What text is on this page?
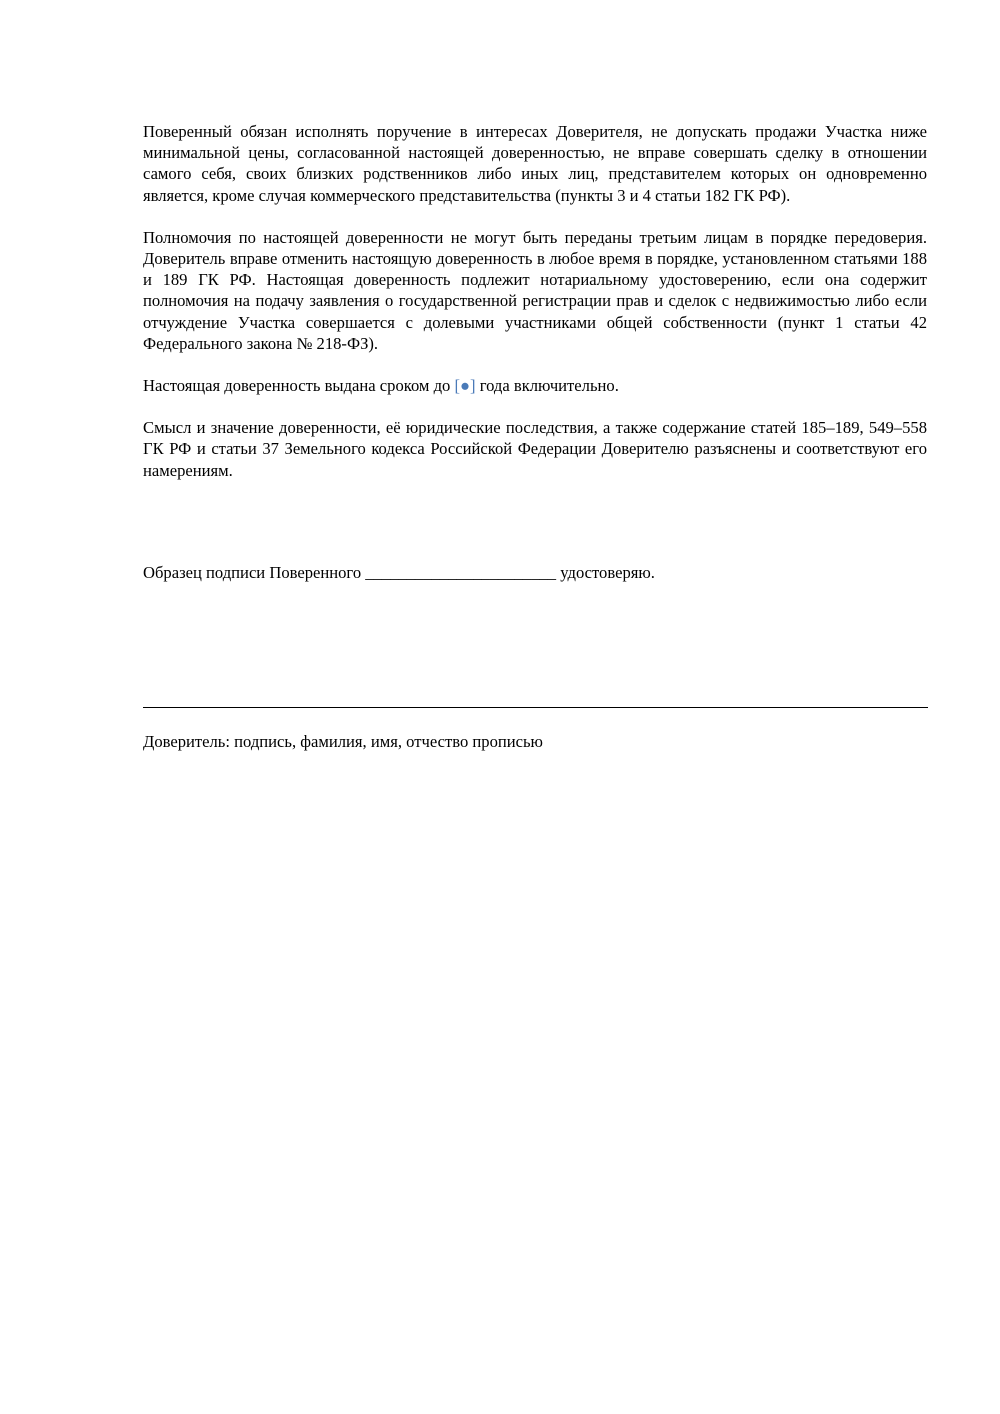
Поверенный обязан исполнять поручение в интересах Доверителя, не допускать продажи Участка ниже минимальной цены, согласованной настоящей доверенностью, не вправе совершать сделку в отношении самого себя, своих близких родственников либо иных лиц, представителем которых он одновременно является, кроме случая коммерческого представительства (пункты 3 и 4 статьи 182 ГК РФ).

Полномочия по настоящей доверенности не могут быть переданы третьим лицам в порядке передоверия. Доверитель вправе отменить настоящую доверенность в любое время в порядке, установленном статьями 188 и 189 ГК РФ. Настоящая доверенность подлежит нотариальному удостоверению, если она содержит полномочия на подачу заявления о государственной регистрации прав и сделок с недвижимостью либо если отчуждение Участка совершается с долевыми участниками общей собственности (пункт 1 статьи 42 Федерального закона № 218-ФЗ).

Настоящая доверенность выдана сроком до [●] года включительно.

Смысл и значение доверенности, её юридические последствия, а также содержание статей 185–189, 549–558 ГК РФ и статьи 37 Земельного кодекса Российской Федерации Доверителю разъяснены и соответствуют его намерениям.

Образец подписи Поверенного _______________________ удостоверяю.
Доверитель: подпись, фамилия, имя, отчество прописью
